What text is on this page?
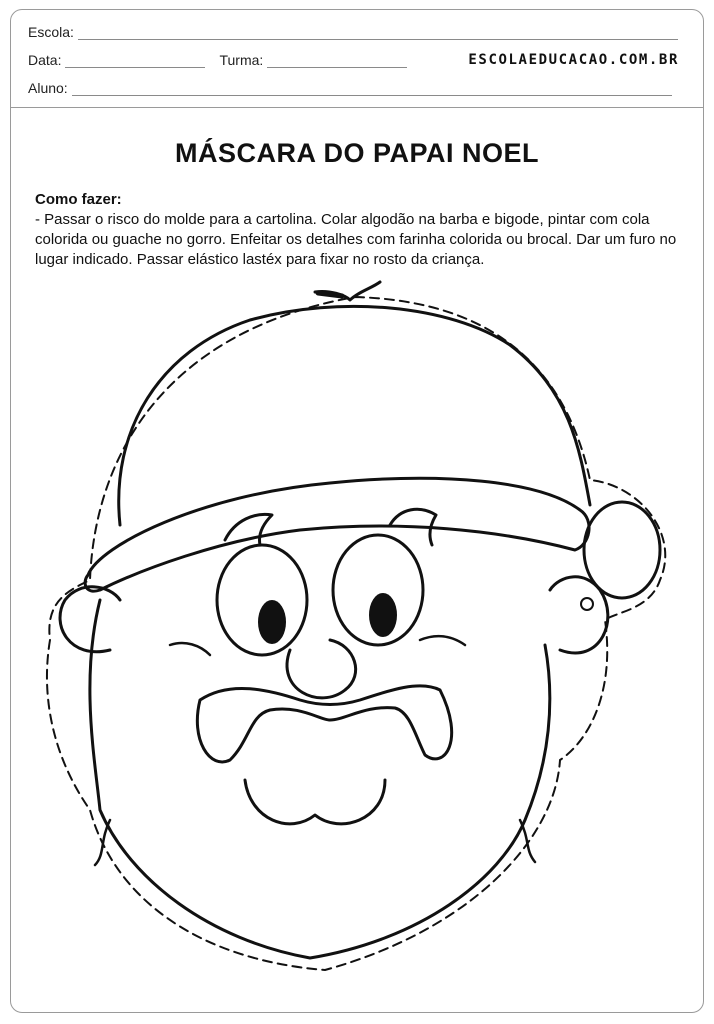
Escola:
Data:	Turma:	ESCOLAEDUCACAO.COM.BR
Aluno:
MÁSCARA DO PAPAI NOEL
Como fazer:
- Passar o risco do molde para a cartolina. Colar algodão na barba e bigode, pintar com cola colorida ou guache no gorro. Enfeitar os detalhes com farinha colorida ou brocal. Dar um furo no lugar indicado. Passar elástico lastéx para fixar no rosto da criança.
